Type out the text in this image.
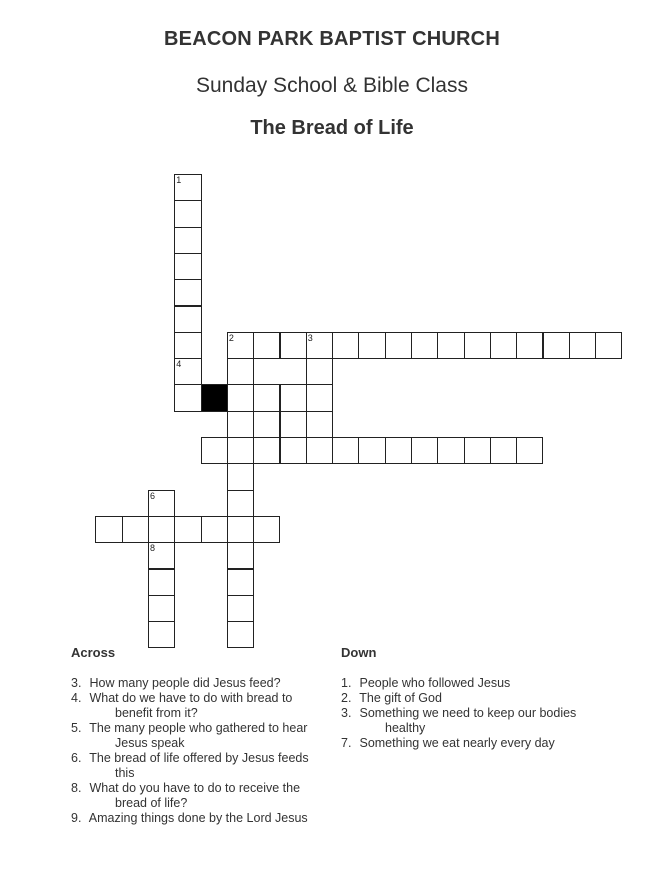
BEACON PARK BAPTIST CHURCH
Sunday School & Bible Class
The Bread of Life
1
4
2	3
6
8
Across
3. How many people did Jesus feed?
4. What do we have to do with bread to benefit from it?
5. The many people who gathered to hear Jesus speak
6. The bread of life offered by Jesus feeds this
8. What do you have to do to receive the bread of life?
9. Amazing things done by the Lord Jesus
Down
1. People who followed Jesus
2. The gift of God
3. Something we need to keep our bodies healthy
7. Something we eat nearly every day
